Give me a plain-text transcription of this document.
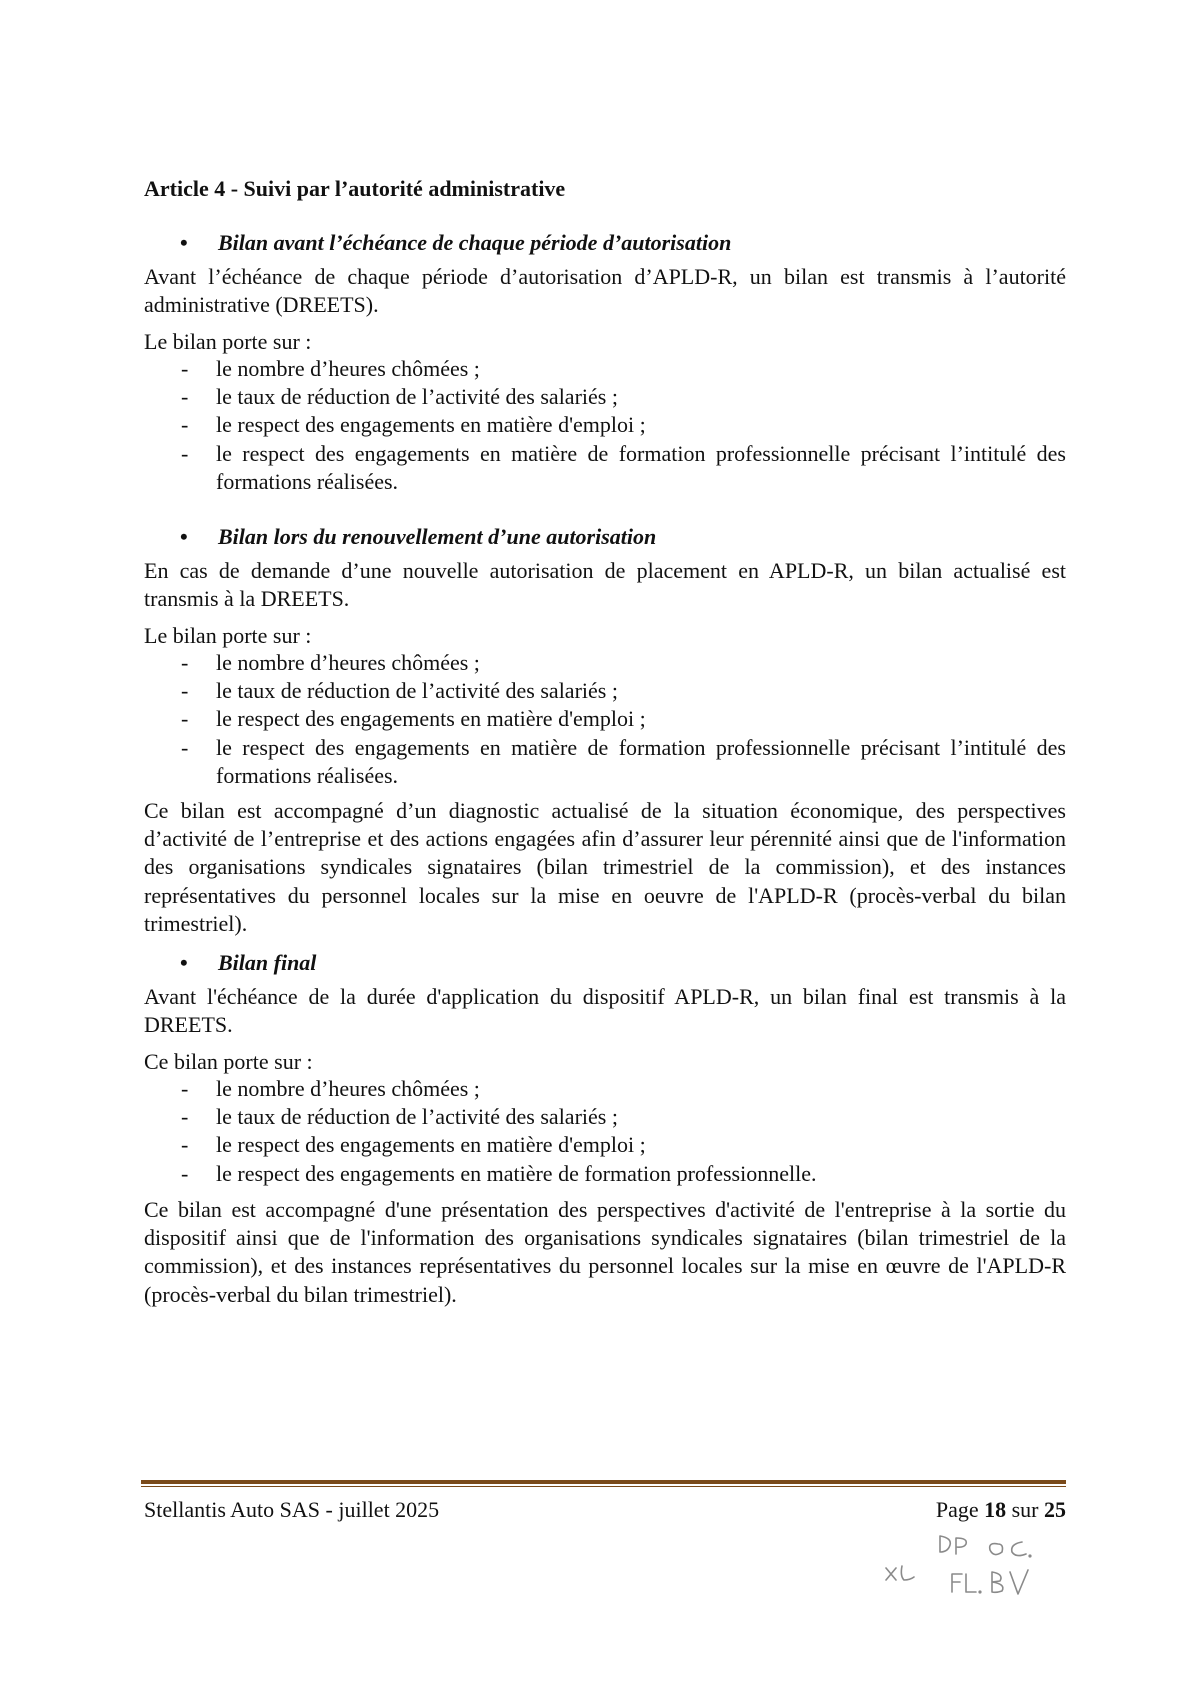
Article 4 - Suivi par l’autorité administrative
• Bilan avant l’échéance de chaque période d’autorisation
Avant l’échéance de chaque période d’autorisation d’APLD-R, un bilan est transmis à l’autorité administrative (DREETS).
Le bilan porte sur :
- le nombre d’heures chômées ;
- le taux de réduction de l’activité des salariés ;
- le respect des engagements en matière d'emploi ;
- le respect des engagements en matière de formation professionnelle précisant l’intitulé des formations réalisées.
• Bilan lors du renouvellement d’une autorisation
En cas de demande d’une nouvelle autorisation de placement en APLD-R, un bilan actualisé est transmis à la DREETS.
Le bilan porte sur :
- le nombre d’heures chômées ;
- le taux de réduction de l’activité des salariés ;
- le respect des engagements en matière d'emploi ;
- le respect des engagements en matière de formation professionnelle précisant l’intitulé des formations réalisées.
Ce bilan est accompagné d’un diagnostic actualisé de la situation économique, des perspectives d’activité de l’entreprise et des actions engagées afin d’assurer leur pérennité ainsi que de l'information des organisations syndicales signataires (bilan trimestriel de la commission), et des instances représentatives du personnel locales sur la mise en oeuvre de l'APLD-R (procès-verbal du bilan trimestriel).
• Bilan final
Avant l'échéance de la durée d'application du dispositif APLD-R, un bilan final est transmis à la DREETS.
Ce bilan porte sur :
- le nombre d’heures chômées ;
- le taux de réduction de l’activité des salariés ;
- le respect des engagements en matière d'emploi ;
- le respect des engagements en matière de formation professionnelle.
Ce bilan est accompagné d'une présentation des perspectives d'activité de l'entreprise à la sortie du dispositif ainsi que de l'information des organisations syndicales signataires (bilan trimestriel de la commission), et des instances représentatives du personnel locales sur la mise en œuvre de l'APLD-R (procès-verbal du bilan trimestriel).
Stellantis Auto SAS - juillet 2025	Page 18 sur 25
